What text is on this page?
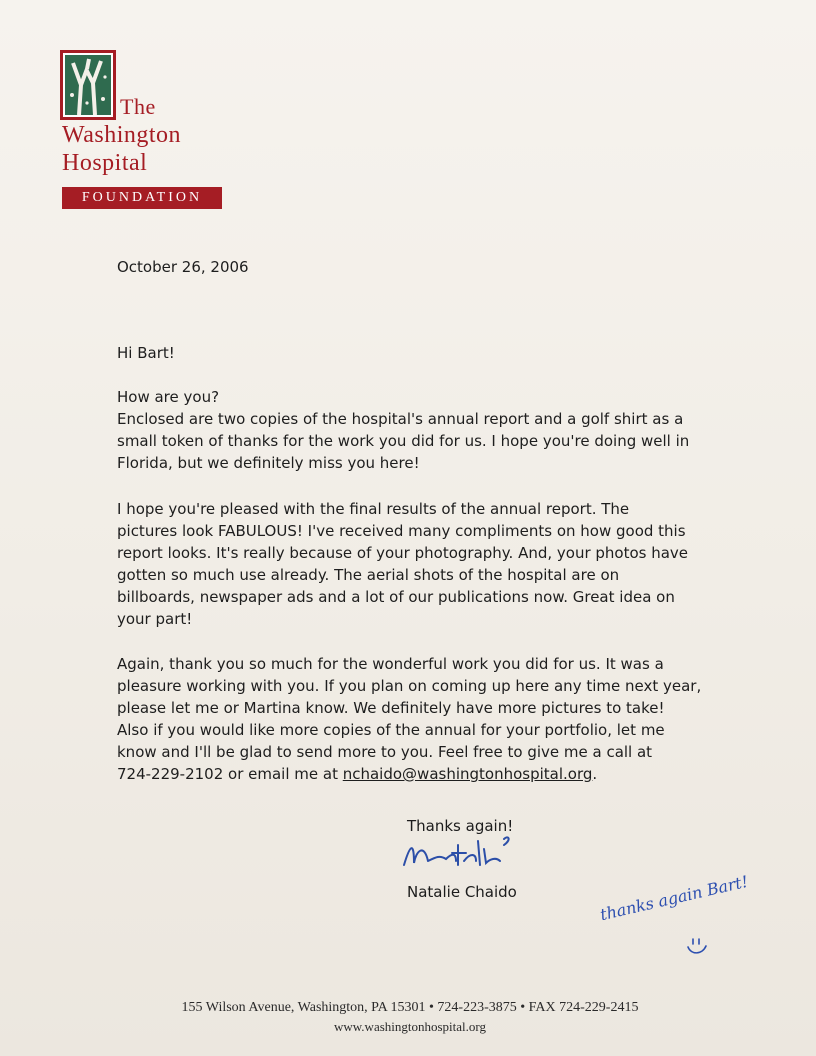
The
Washington
Hospital
FOUNDATION

October 26, 2006

Hi Bart!

How are you?
Enclosed are two copies of the hospital's annual report and a golf shirt as a
small token of thanks for the work you did for us. I hope you're doing well in
Florida, but we definitely miss you here!

I hope you're pleased with the final results of the annual report. The
pictures look FABULOUS! I've received many compliments on how good this
report looks. It's really because of your photography. And, your photos have
gotten so much use already. The aerial shots of the hospital are on
billboards, newspaper ads and a lot of our publications now. Great idea on
your part!

Again, thank you so much for the wonderful work you did for us. It was a
pleasure working with you. If you plan on coming up here any time next year,
please let me or Martina know. We definitely have more pictures to take!
Also if you would like more copies of the annual for your portfolio, let me
know and I'll be glad to send more to you. Feel free to give me a call at
724-229-2102 or email me at nchaido@washingtonhospital.org.

Thanks again!
Natalie Chaido	thanks again Bart!
155 Wilson Avenue, Washington, PA 15301 • 724-223-3875 • FAX 724-229-2415
www.washingtonhospital.org
